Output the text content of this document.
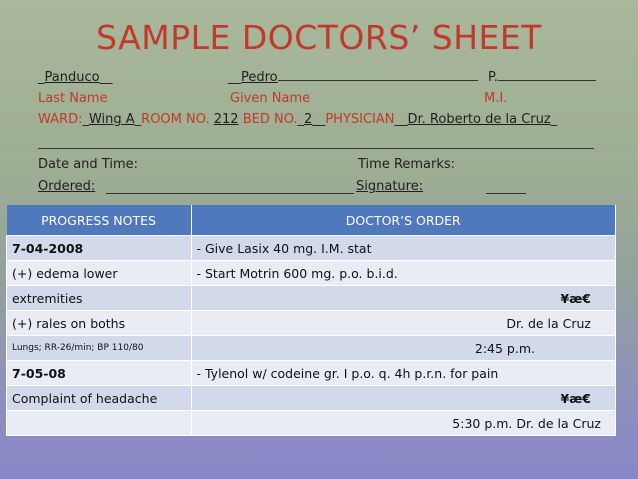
SAMPLE DOCTORS’ SHEET
_Panduco__	__Pedro	P.
Last Name	Given Name	M.I.
WARD:_Wing A_ROOM NO. 212 BED NO._2__PHYSICIAN__Dr. Roberto de la Cruz_
Date and Time:	Time Remarks:
Ordered:	Signature:
PROGRESS NOTES	DOCTOR’S ORDER
7-04-2008	- Give Lasix 40 mg. I.M. stat
(+) edema lower	- Start Motrin 600 mg. p.o. b.i.d.
extremities	¥æ€
(+) rales on boths	Dr. de la Cruz
Lungs; RR-26/min; BP 110/80	2:45 p.m.
7-05-08	- Tylenol w/ codeine gr. I p.o. q. 4h p.r.n. for pain
Complaint of headache	¥æ€
	5:30 p.m. Dr. de la Cruz
